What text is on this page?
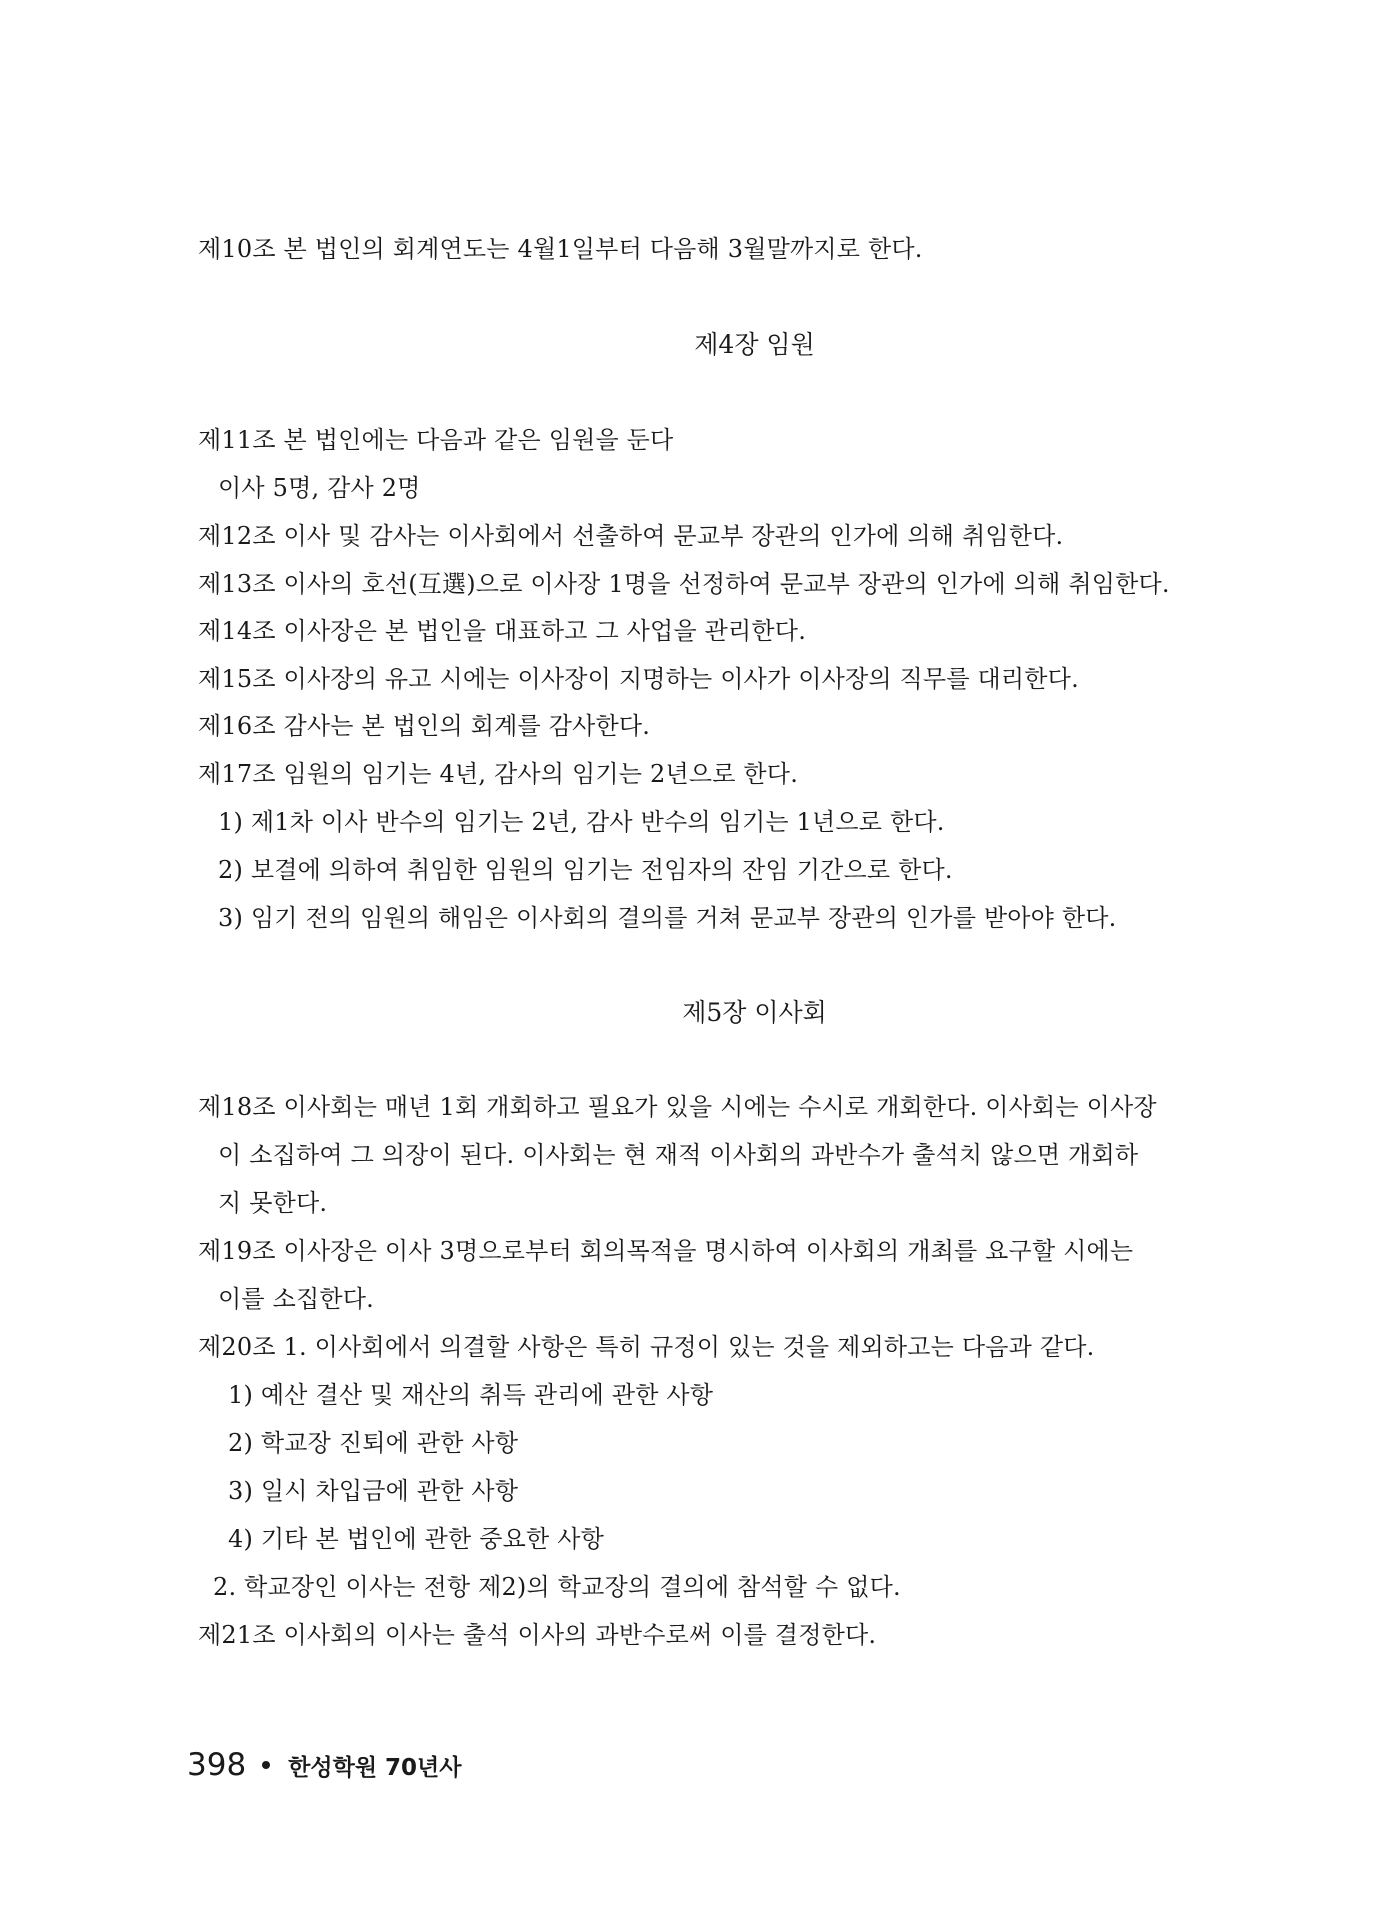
제10조 본 법인의 회계연도는 4월1일부터 다음해 3월말까지로 한다.
제4장 임원
제11조 본 법인에는 다음과 같은 임원을 둔다
이사 5명, 감사 2명
제12조 이사 및 감사는 이사회에서 선출하여 문교부 장관의 인가에 의해 취임한다.
제13조 이사의 호선(互選)으로 이사장 1명을 선정하여 문교부 장관의 인가에 의해 취임한다.
제14조 이사장은 본 법인을 대표하고 그 사업을 관리한다.
제15조 이사장의 유고 시에는 이사장이 지명하는 이사가 이사장의 직무를 대리한다.
제16조 감사는 본 법인의 회계를 감사한다.
제17조 임원의 임기는 4년, 감사의 임기는 2년으로 한다.
1) 제1차 이사 반수의 임기는 2년, 감사 반수의 임기는 1년으로 한다.
2) 보결에 의하여 취임한 임원의 임기는 전임자의 잔임 기간으로 한다.
3) 임기 전의 임원의 해임은 이사회의 결의를 거쳐 문교부 장관의 인가를 받아야 한다.
제5장 이사회
제18조 이사회는 매년 1회 개회하고 필요가 있을 시에는 수시로 개회한다. 이사회는 이사장
이 소집하여 그 의장이 된다. 이사회는 현 재적 이사회의 과반수가 출석치 않으면 개회하
지 못한다.
제19조 이사장은 이사 3명으로부터 회의목적을 명시하여 이사회의 개최를 요구할 시에는
이를 소집한다.
제20조 1. 이사회에서 의결할 사항은 특히 규정이 있는 것을 제외하고는 다음과 같다.
1) 예산 결산 및 재산의 취득 관리에 관한 사항
2) 학교장 진퇴에 관한 사항
3) 일시 차입금에 관한 사항
4) 기타 본 법인에 관한 중요한 사항
2. 학교장인 이사는 전항 제2)의 학교장의 결의에 참석할 수 없다.
제21조 이사회의 이사는 출석 이사의 과반수로써 이를 결정한다.
398 한성학원 70년사
